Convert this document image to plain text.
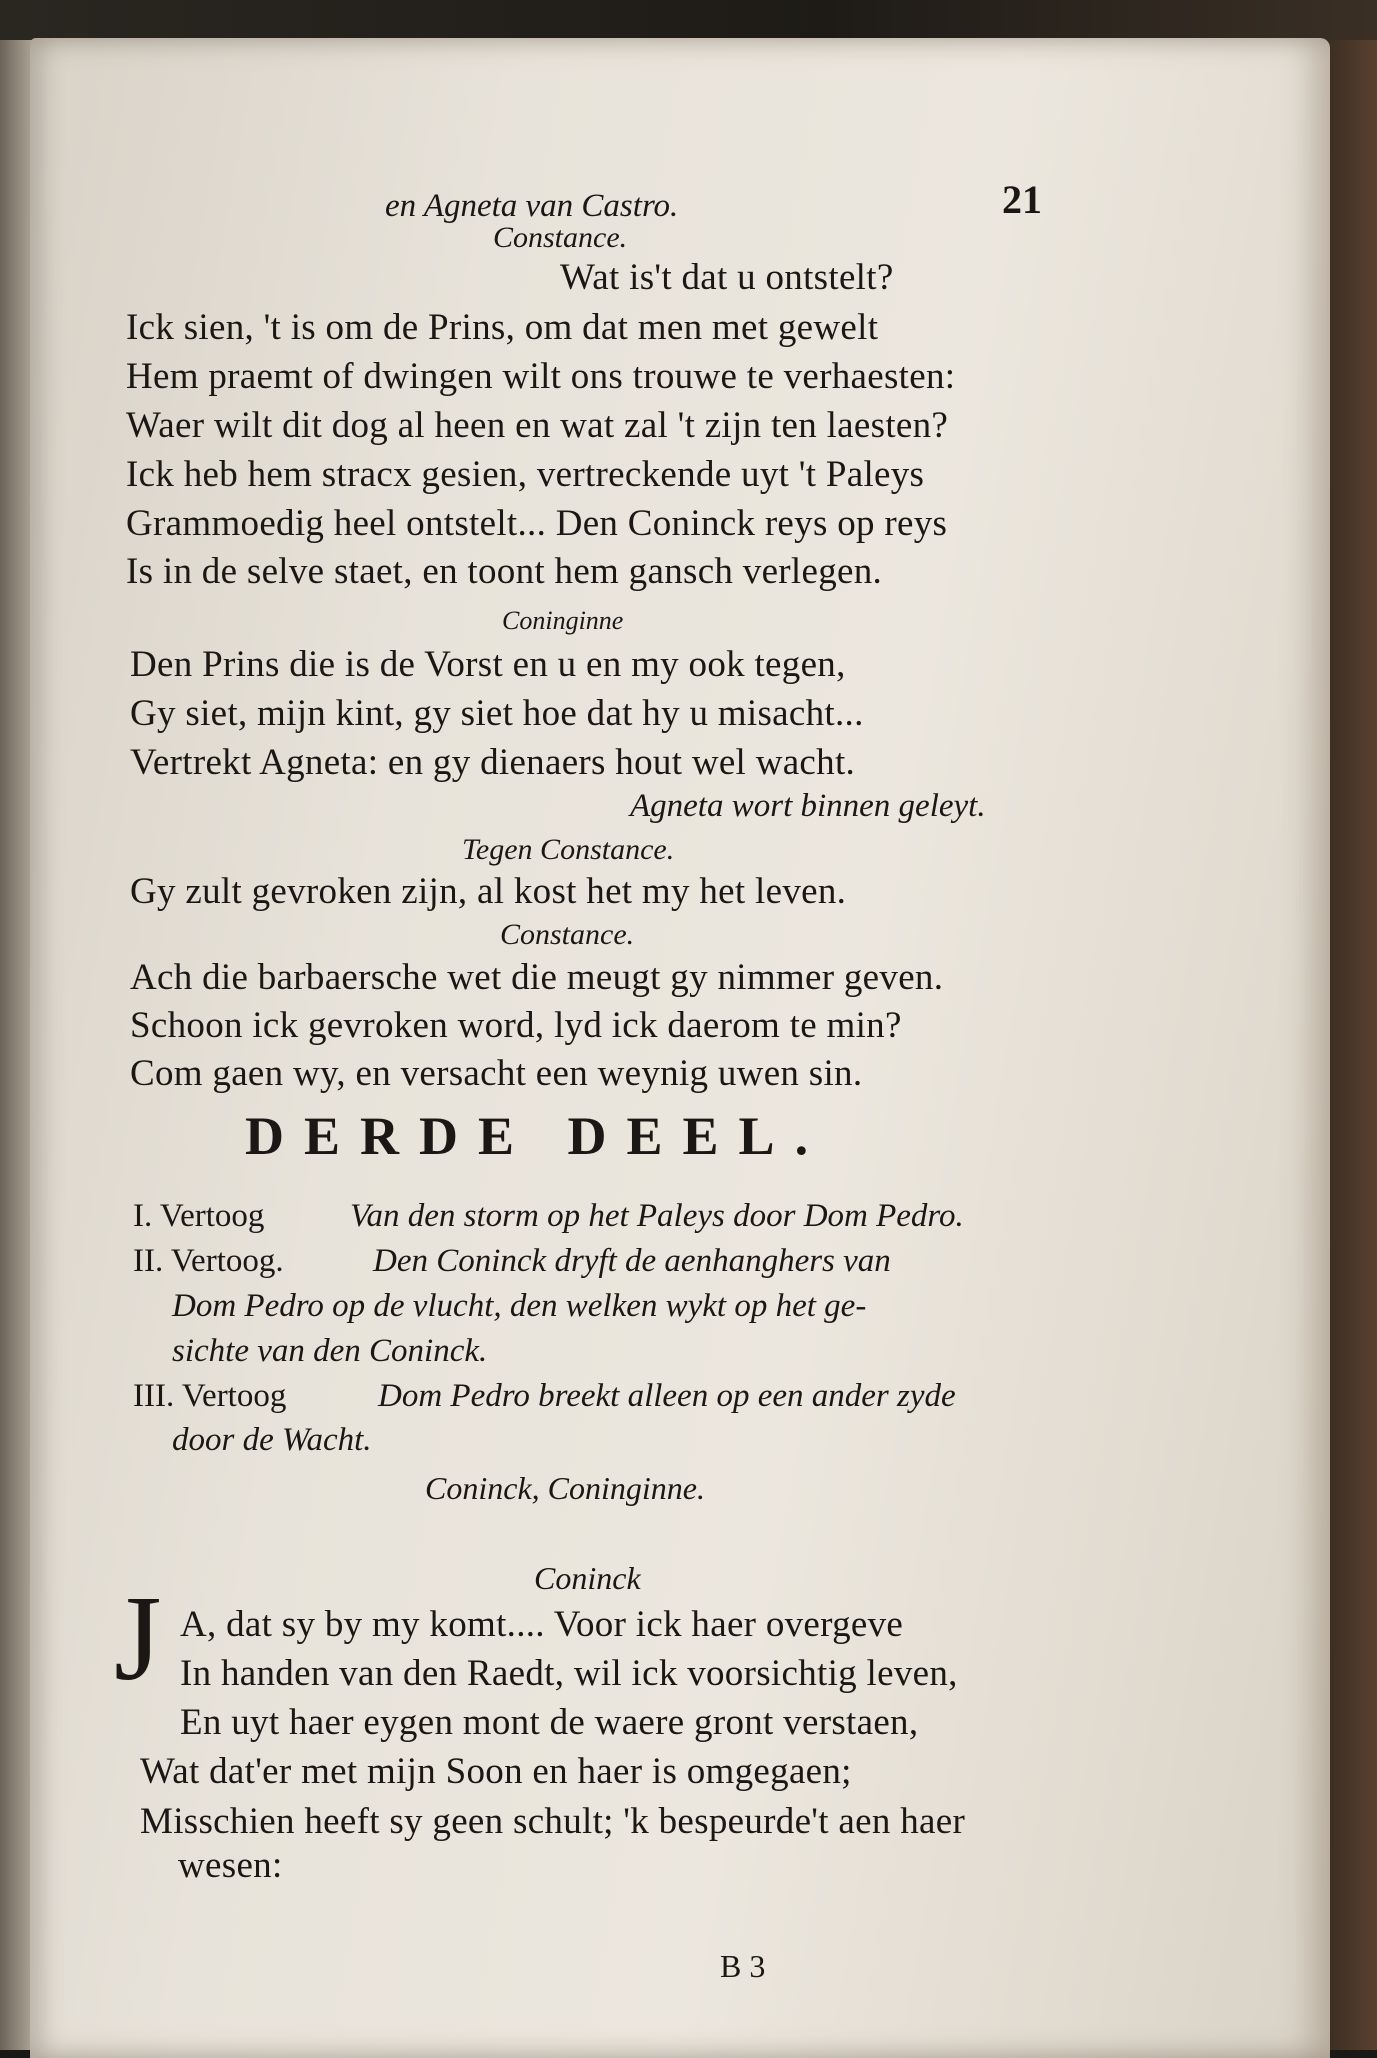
en Agneta van Castro.	21
Constance.
Wat is't dat u ontstelt?
Ick sien, 't is om de Prins, om dat men met gewelt
Hem praemt of dwingen wilt ons trouwe te verhaesten:
Waer wilt dit dog al heen en wat zal 't zijn ten laesten?
Ick heb hem stracx gesien, vertreckende uyt 't Paleys
Grammoedig heel ontstelt... Den Coninck reys op reys
Is in de selve staet, en toont hem gansch verlegen.
Coninginne
Den Prins die is de Vorst en u en my ook tegen,
Gy siet, mijn kint, gy siet hoe dat hy u misacht...
Vertrekt Agneta: en gy dienaers hout wel wacht.
Agneta wort binnen geleyt.
Tegen Constance.
Gy zult gevroken zijn, al kost het my het leven.
Constance.
Ach die barbaersche wet die meugt gy nimmer geven.
Schoon ick gevroken word, lyd ick daerom te min?
Com gaen wy, en versacht een weynig uwen sin.
DERDE DEEL.
I. Vertoog	Van den storm op het Paleys door Dom Pedro.
II. Vertoog.	Den Coninck dryft de aenhanghers van
Dom Pedro op de vlucht, den welken wykt op het ge-
sichte van den Coninck.
III. Vertoog	Dom Pedro breekt alleen op een ander zyde
door de Wacht.
Coninck, Coninginne.
Coninck
J A, dat sy by my komt.... Voor ick haer overgeve
In handen van den Raedt, wil ick voorsichtig leven,
En uyt haer eygen mont de waere gront verstaen,
Wat dat'er met mijn Soon en haer is omgegaen;
Misschien heeft sy geen schult; 'k bespeurde't aen haer
wesen:
B 3
